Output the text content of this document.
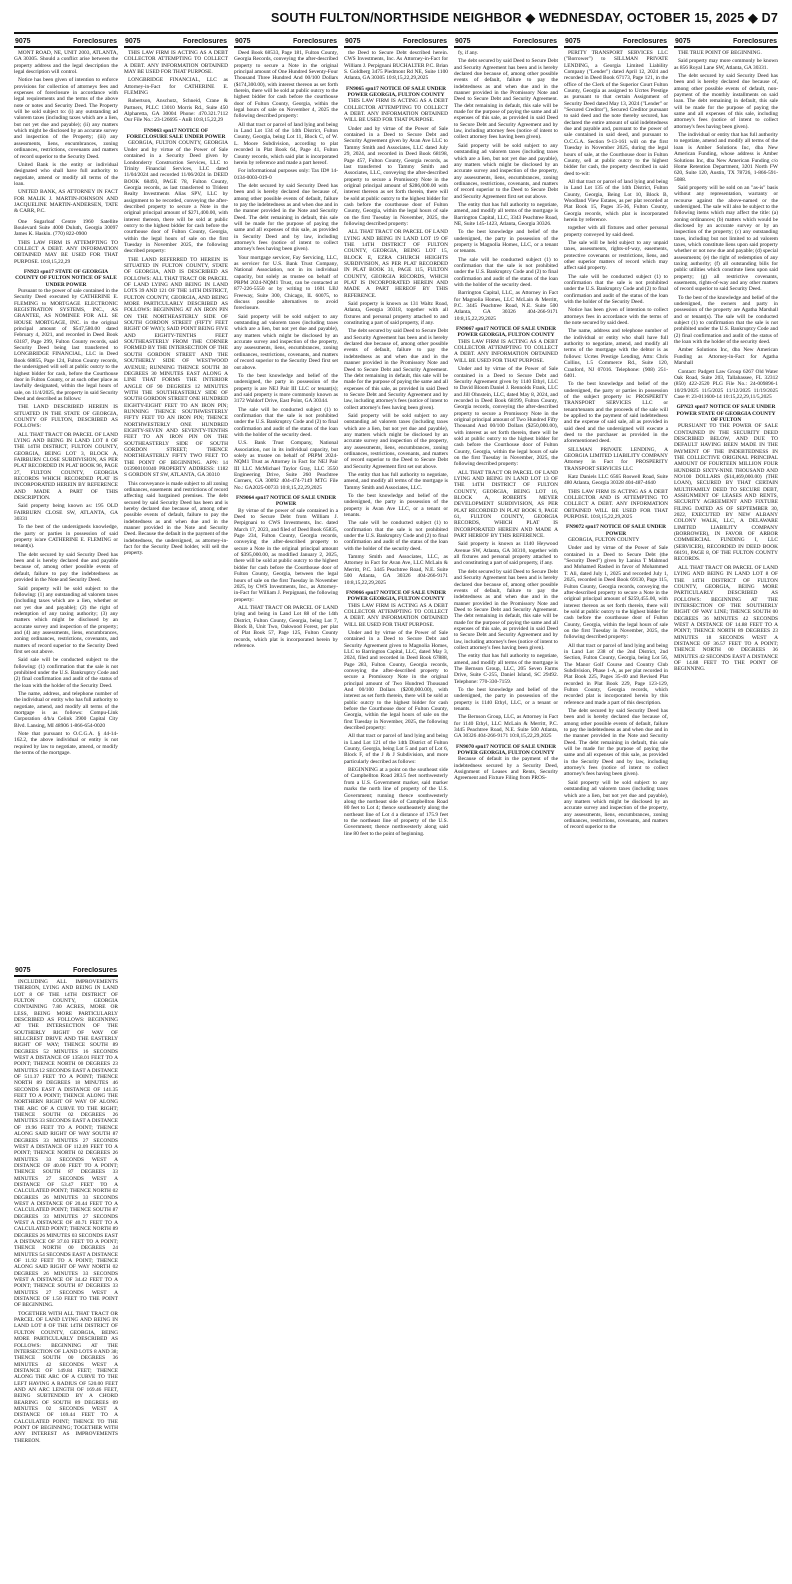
SOUTH FULTON/NORTHSIDE NEIGHBOR ◆ WEDNESDAY, OCTOBER 15, 2025 ◆ D7
9075	Foreclosures

MONT ROAD, NE, UNIT 2003, ATLANTA, GA 30305. Should a conflict arise between the property address and the legal description the legal description will control.

Notice has been given of intention to enforce provisions for collection of attorneys fees and expenses of foreclosure in accordance with legal requirements and the terms of the above note or notes and Security Deed. The Property will be sold subject to: (i) any outstanding ad valorem taxes (including taxes which are a lien, but not yet due and payable); (ii) any matters which might be disclosed by an accurate survey and inspection of the Property; (iii) any assessments, liens, encumbrances, zoning ordinances, restrictions, covenants and matters of record superior to the Security Deed.

United Bank is the entity or individual designated who shall have full authority to negotiate, amend or modify all terms of the loan.

UNITED BANK, AS ATTORNEY IN FACT FOR MALIK J. MARTIN-JOHNSON AND JACQUELINE MARTIN-ANDERSEN, TATE & CARR, P.C.

One Sugarloaf Centre 1960 Satellite Boulevard Suite 4000 Duluth, Georgia 30097 James K. Haskin. (770) 822-0900

THIS LAW FIRM IS ATTEMPTING TO COLLECT A DEBT. ANY INFORMATION OBTAINED MAY BE USED FOR THAT PURPOSE. 10:8,15,22,29

FN923 spn17 STATE OF GEORGIA COUNTY OF FULTON NOTICE OF SALE UNDER POWER

Pursuant to the power of sale contained in the Security Deed executed by CATHERINE E. FLEMING to MORTGAGE ELECTRONIC REGISTRATION SYSTEMS, INC., AS GRANTEE, AS NOMINEE FOR ALL SE HOUSE MORTGAGE, INC. in the original principal amount of $547,580.00 dated February 4, 2021, and recorded in Deed Book 63187, Page 299, Fulton County records, said Security Deed being last transferred to LONGBRIDGE FINANCIAL, LLC in Deed Book 68855, Page 124, Fulton County records, the undersigned will sell at public outcry to the highest bidder for cash, before the Courthouse door in Fulton County, or at such other place as lawfully designated, within the legal hours of sale, on 11/4/2025, the property in said Security Deed and described as follows:

THE LAND DESCRIBED HEREIN IS SITUATED IN THE STATE OF GEORGIA, COUNTY OF FULTON, DESCRIBED AS FOLLOWS:

ALL THAT TRACT OR PARCEL OF LAND LYING AND BEING IN LAND LOT 8 OF THE 14TH DISTRICT, FULTON COUNTY, GEORGIA, BEING LOT 3, BLOCK A, FAIRBURN CLOSE SUBDIVISION, AS PER PLAT RECORDED IN PLAT BOOK 96, PAGE 27, FULTON COUNTY, GEORGIA RECORDS WHICH RECORDED PLAT IS INCORPORATED HEREIN BY REFERENCE AND MADE A PART OF THIS DESCRIPTION.

Said property being known as: 195 OLD FAIRBURN CLOSE SW, ATLANTA, GA 30331

To the best of the undersigneds knowledge, the party or parties in possession of said property is/are CATHERINE E. FLEMING or tenant(s).

The debt secured by said Security Deed has been and is hereby declared due and payable because of, among other possible events of default, failure to pay the indebtedness as provided in the Note and Security Deed.

Said property will be sold subject to the following: (1) any outstanding ad valorem taxes (including taxes which are a lien, whether or not yet due and payable); (2) the right of redemption of any taxing authority; (3) any matters which might be disclosed by an accurate survey and inspection of the property; and (4) any assessments, liens, encumbrances, zoning ordinances, restrictions, covenants, and matters of record superior to the Security Deed first set out above.

Said sale will be conducted subject to the following: (1) confirmation that the sale is not prohibited under the U.S. Bankruptcy Code and (2) final confirmation and audit of the status of the loan with the holder of the Security Deed.

The name, address, and telephone number of the individual or entity who has full authority to negotiate, amend, and modify all terms of the mortgage is as follows: Compu-Link Corporation d/b/a Celink 3900 Capital City Blvd. Lansing, MI 48906 1-866-654-0020

Note that pursuant to O.C.G.A. § 44-14-162.2, the above individual or entity is not required by law to negotiate, amend, or modify the terms of the mortgage.

9075	Foreclosures

THIS LAW FIRM IS ACTING AS A DEBT COLLECTOR ATTEMPTING TO COLLECT A DEBT. ANY INFORMATION OBTAINED MAY BE USED FOR THAT PURPOSE.

LONGBRIDGE FINANCIAL, LLC as Attorney-in-Fact for CATHERINE E. FLEMING

Robertson, Anschutz, Schneid, Crane & Partners, PLLC 13010 Morris Rd., Suite 450 Alpharetta, GA 30004 Phone: 470.321.7112 Our File No.: 23-126695 - AnB 10:8,15,22,29

FN9063 spn17 NOTICE OF FORECLOSURE SALE UNDER POWER

GEORGIA, FULTON COUNTY, GEORGIA Under and by virtue of the Power of Sale contained in a Security Deed given by Londonderry Construction Services, LLC to Trinity Financial Services, LLC dated 11/04/2024 and recorded 11/06/2024 in DEED BOOK 68493, PAGE 78, Fulton County, Georgia records, as last transferred to Trident Realty Investments Alias SPV, LLC by assignment to be recorded, conveying the after-described property to secure a Note in the original principal amount of $271,400.00, with interest thereon, there will be sold at public outcry to the highest bidder for cash before the courthouse door of Fulton County, Georgia, within the legal hours of sale on the first Tuesday in November 2025, the following described property:

THE LAND REFERRED TO HEREIN IS SITUATED IN FULTON COUNTY, STATE OF GEORGIA, AND IS DESCRIBED AS FOLLOWS: ALL THAT TRACT OR PARCEL OF LAND LYING AND BEING IN LAND LOTS 39 AND 121 OF THE 14TH DISTRICT, FULTON COUNTY, GEORGIA, AND BEING MORE PARTICULARLY DESCRIBED AS FOLLOWS: BEGINNING AT AN IRON PIN ON THE NORTHEASTERLY SIDE OF SOUTH GORDON STREET (FIFTY FEET RIGHT OF WAY); SAID POINT BEING FIVE AND EIGHTY-TENTHS FEET SOUTHEASTERLY FROM THE CORNER FORMED BY THE INTERSECTION OF THE SOUTH GORDON STREET AND THE SOUTHERLY SIDE OF WESTWOOD AVENUE; RUNNING THENCE SOUTH 38 DEGREES 30 MINUTES EAST ALONG A LINE THAT FORMS THE INTERIOR ANGLE OF 90 DEGREES 12 MINUTES WITH THE SOUTHEASTERLY SIDE OF SOUTH GORDON STREET ONE HUNDRED EIGHTY-EIGHT FEET TO AN IRON PIN; RUNNING THENCE SOUTHWESTERLY FIFTY FEET TO AN IRON PIN; THENCE NORTHWESTERLY ONE HUNDRED EIGHTY-SEVEN AND SEVENTY-TENTHS FEET TO AN IRON PIN ON THE SOUTHEASTERLY SIDE OF SOUTH GORDON STREET; THENCE NORTHEASTERLY FIFTY TWO FEET TO THE POINT OF BEGINNING. APN: 14 013900101040 PROPERTY ADDRESS: 1182 S GORDON ST SW, ATLANTA, GA 30310

This conveyance is made subject to all zoning ordinances, easements and restrictions of record affecting said bargained premises. The debt secured by said Security Deed has been and is hereby declared due because of, among other possible events of default, failure to pay the indebtedness as and when due and in the manner provided in the Note and Security Deed. Because the default in the payment of the indebtedness, the undersigned, as attorney-in-fact for the Security Deed holder, will sell the property.

9075	Foreclosures

Deed Book 68533, Page 181, Fulton County, Georgia Records, conveying the after-described property to secure a Note in the original principal amount of One Hundred Seventy-Four Thousand Three Hundred And 00/100 Dollars ($174,300.00), with interest thereon as set forth therein, there will be sold at public outcry to the highest bidder for cash before the courthouse door of Fulton County, Georgia, within the legal hours of sale on November 4, 2025 the following described property:

All that tract or parcel of land lying and being in Land Lot 134 of the 14th District, Fulton County, Georgia, being Lot 11, Block C, of W. L. Moore Subdivision, according to plat recorded in Plat Book 64, Page 41, Fulton County records, which said plat is incorporated herein by reference and made a part hereof.

For informational purposes only: Tax ID# 14-0134-0003-019-0

The debt secured by said Security Deed has been and is hereby declared due because of, among other possible events of default, failure to pay the indebtedness as and when due and in the manner provided in the Note and Security Deed. The debt remaining in default, this sale will be made for the purpose of paying the same and all expenses of this sale, as provided in Security Deed and by law, including attorney's fees (notice of intent to collect attorney's fees having been given).

Your mortgage servicer, Fay Servicing, LLC, as servicer for U.S. Bank Trust Company, National Association, not in its individual capacity, but solely as trustee on behalf of PRPM 2024-NQM1 Trust, can be contacted at 877-226-5550 or by writing to 1601 LBJ Freeway, Suite 300, Chicago, IL 60075, to discuss possible alternatives to avoid foreclosure.

Said property will be sold subject to any outstanding ad valorem taxes (including taxes which are a lien, but not yet due and payable), any matters which might be disclosed by an accurate survey and inspection of the property, any assessments, liens, encumbrances, zoning ordinances, restrictions, covenants, and matters of record superior to the Security Deed first set out above.

To the best knowledge and belief of the undersigned, the party in possession of the property is are NEJ Pair III LLC or tenant(s); and said property is more commonly known as 3172 Waldorf Drive, East Point, GA 30344.

The sale will be conducted subject (1) to confirmation that the sale is not prohibited under the U.S. Bankruptcy Code and (2) to final confirmation and audit of the status of the loan with the holder of the security deed.

U.S. Bank Trust Company, National Association, not in its individual capacity, but solely as trustee on behalf of PRPM 2024-NQM1 Trust as Attorney in Fact for NEJ Pair III LLC McMichael Taylor Gray, LLC 3550 Engineering Drive, Suite 260 Peachtree Corners, GA 30092 404-474-7149 MTG File No.: GA2025-00733 10:8,15,22,29,2025

FN9064 spn17 NOTICE OF SALE UNDER POWER

By virtue of the power of sale contained in a Deed to Secure Debt from William J. Perpignani to CWS Investments, Inc. dated March 17, 2023, and filed of Deed Book 65835, Page 234, Fulton County, Georgia records, conveying the after-described property to secure a Note in the original principal amount of $395,000.00, as modified January 2, 2025, there will be sold at public outcry to the highest bidder for cash before the Courthouse door of Fulton County, Georgia, between the legal hours of sale on the first Tuesday in November 2025, by CWS Investments, Inc., as Attorney-in-Fact for William J. Perpignani, the following property:

ALL THAT TRACT OR PARCEL OF LAND lying and being in Land Lot 88 of the 14th District, Fulton County, Georgia, being Lot 7, Block B, Unit Two, Oakwood Forest, per plat of Plat Book 57, Page 125, Fulton County records, which plat is incorporated herein by reference.

9075	Foreclosures

the Deed to Secure Debt described herein. CWS Investments, Inc. As Attorney-in-Fact for William J. Perpignani BUCHALTER P.C. Brian S. Goldberg 3475 Piedmont Rd NE, Suite 1100 Atlanta, GA 30305 10:8,15,22,29,2025

FN9065 spn17 NOTICE OF SALE UNDER POWER GEORGIA, FULTON COUNTY

THIS LAW FIRM IS ACTING AS A DEBT COLLECTOR ATTEMPTING TO COLLECT A DEBT. ANY INFORMATION OBTAINED WILL BE USED FOR THAT PURPOSE.

Under and by virtue of the Power of Sale contained in a Deed to Secure Debt and Security Agreement given by Avan Ave LLC to Tammy Smith and Associates, LLC dated July 29, 2024, and recorded in Deed Book 68198, Page 457, Fulton County, Georgia records, as last transferred to Tammy Smith and Associates, LLC, conveying the after-described property to secure a Promissory Note in the original principal amount of $286,000.00 with interest thereon as set forth therein, there will be sold at public outcry to the highest bidder for cash before the courthouse door of Fulton County, Georgia, within the legal hours of sale on the first Tuesday in November, 2025, the following described property:

ALL THAT TRACT OR PARCEL OF LAND LYING AND BEING IN LAND LOT 19 OF THE 14TH DISTRICT OF FULTON COUNTY, GEORGIA, BEING LOT 15, BLOCK E, EZRA CHURCH HEIGHTS SUBDIVISION, AS PER PLAT RECORDED IN PLAT BOOK 31, PAGE 115, FULTON COUNTY, GEORGIA RECORDS, WHICH PLAT IS INCORPORATED HEREIN AND MADE A PART HEREOF BY THIS REFERENCE.

Said property is known as 131 Waltz Road, Atlanta, Georgia 30318, together with all fixtures and personal property attached to and constituting a part of said property, if any.

The debt secured by said Deed to Secure Debt and Security Agreement has been and is hereby declared due because of, among other possible events of default, failure to pay the indebtedness as and when due and in the manner provided in the Promissory Note and Deed to Secure Debt and Security Agreement. The debt remaining in default, this sale will be made for the purpose of paying the same and all expenses of this sale, as provided in said Deed to Secure Debt and Security Agreement and by law, including attorney's fees (notice of intent to collect attorney's fees having been given).

Said property will be sold subject to any outstanding ad valorem taxes (including taxes which are a lien, but not yet due and payable), any matters which might be disclosed by an accurate survey and inspection of the property, any assessments, liens, encumbrances, zoning ordinances, restrictions, covenants, and matters of record superior to the Deed to Secure Debt and Security Agreement first set out above.

The entity that has full authority to negotiate, amend, and modify all terms of the mortgage is Tammy Smith and Associates, LLC.

To the best knowledge and belief of the undersigned, the party in possession of the property is Avan Ave LLC, or a tenant or tenants.

The sale will be conducted subject (1) to confirmation that the sale is not prohibited under the U.S. Bankruptcy Code and (2) to final confirmation and audit of the status of the loan with the holder of the security deed.

Tammy Smith and Associates, LLC, as Attorney in Fact for Avan Ave, LLC McLain & Merritt, P.C. 3445 Peachtree Road, N.E. Suite 500 Atlanta, GA 30326 404-266-9171 10:8,15,22,29,2025

FN9066 spn17 NOTICE OF SALE UNDER POWER GEORGIA, FULTON COUNTY

THIS LAW FIRM IS ACTING AS A DEBT COLLECTOR ATTEMPTING TO COLLECT A DEBT. ANY INFORMATION OBTAINED WILL BE USED FOR THAT PURPOSE.

Under and by virtue of the Power of Sale contained in a Deed to Secure Debt and Security Agreement given to Magnolia Homes, LLC to Barrington Capital, LLC, dated May 3, 2024, filed and recorded in Deed Book 67888, Page 283, Fulton County, Georgia records, conveying the after-described property to secure a Promissory Note in the original principal amount of Two Hundred Thousand And 00/100 Dollars ($200,000.00), with interest as set forth therein, there will be sold at public outcry to the highest bidder for cash before the Courthouse door of Fulton County, Georgia, within the legal hours of sale on the first Tuesday in November, 2025, the following described property:

All that tract or parcel of land lying and being in Land Lot 121 of the 14th District of Fulton County, Georgia, being Lot 5 and part of Lot 6, Block F, of the J & J Subdivision, and more particularly described as follows:

BEGINNING at a point on the southeast side of Campbellton Road 283.5 feet northwesterly from a U.S. Government marker, said marker marks the north line of property of the U.S. Government; running thence southwesterly along the northeast side of Campbellton Road 80 feet to Lot 4; thence southeasterly along the northeast line of Lot 4 a distance of 175.9 feet to the northeast line of property of the U.S. Government; thence northwesterly along said line 80 feet to the point of beginning.

9075	Foreclosures

fy, if any.

The debt secured by said Deed to Secure Debt and Security Agreement has been and is hereby declared due because of, among other possible events of default, failure to pay the indebtedness as and when due and in the manner provided in the Promissory Note and Deed to Secure Debt and Security Agreement. The debt remaining in default, this sale will be made for the purpose of paying the same and all expenses of this sale, as provided in said Deed to Secure Debt and Security Agreement and by law, including attorney fees (notice of intent to collect attorney fees having been given).

Said property will be sold subject to any outstanding ad valorem taxes (including taxes which are a lien, but not yet due and payable), any matters which might be disclosed by an accurate survey and inspection of the property, any assessments, liens, encumbrances, zoning ordinances, restrictions, covenants, and matters of record superior to the Deed to Secure Debt and Security Agreement first set out above.

The entity that has full authority to negotiate, amend, and modify all terms of the mortgage is Barrington Capital, LLC, 3343 Peachtree Road, NE, Suite 145-1423, Atlanta, Georgia 30326.

To the best knowledge and belief of the undersigned, the party in possession of the property is Magnolia Homes, LLC, or a tenant or tenants.

The sale will be conducted subject (1) to confirmation that the sale is not prohibited under the U.S. Bankruptcy Code and (2) to final confirmation and audit of the status of the loan with the holder of the security deed.

Barrington Capital, LLC, as Attorney in Fact for Magnolia Homes, LLC McLain & Merritt, P.C. 3445 Peachtree Road, N.E. Suite 500 Atlanta, GA 30326 404-266-9171 10:8,15,22,29,2025

FN9067 spn17 NOTICE OF SALE UNDER POWER GEORGIA, FULTON COUNTY

THIS LAW FIRM IS ACTING AS A DEBT COLLECTOR ATTEMPTING TO COLLECT A DEBT. ANY INFORMATION OBTAINED WILL BE USED FOR THAT PURPOSE.

Under and by virtue of the Power of Sale contained in a Deed to Secure Debt and Security Agreement given by 1140 Ethyl, LLC to David Bloom Daniel J. Rennolds Frank, LLC and Jill Ohnstein, LLC, dated May 8, 2024, and recorded in Deed Book 68199, Fulton County, Georgia records, conveying the after-described property to secure a Promissory Note in the original principal amount of Two Hundred Fifty Thousand And 00/100 Dollars ($250,000.00), with interest as set forth therein, there will be sold at public outcry to the highest bidder for cash before the Courthouse door of Fulton County, Georgia, within the legal hours of sale on the first Tuesday in November, 2025, the following described property:

ALL THAT TRACT OR PARCEL OF LAND LYING AND BEING IN LAND LOT 13 OF THE 14TH DISTRICT OF FULTON COUNTY, GEORGIA, BEING LOT 16, BLOCK A, ROBERTS MEYER DEVELOPMENT SUBDIVISION, AS PER PLAT RECORDED IN PLAT BOOK 9, PAGE 61, FULTON COUNTY, GEORGIA RECORDS, WHICH PLAT IS INCORPORATED HEREIN AND MADE A PART HEREOF BY THIS REFERENCE.

Said property is known as 1140 Heywood Avenue SW, Atlanta, GA 30310, together with all fixtures and personal property attached to and constituting a part of said property, if any.

The debt secured by said Deed to Secure Debt and Security Agreement has been and is hereby declared due because of, among other possible events of default, failure to pay the indebtedness as and when due and in the manner provided in the Promissory Note and Deed to Secure Debt and Security Agreement. The debt remaining in default, this sale will be made for the purpose of paying the same and all expenses of this sale, as provided in said Deed to Secure Debt and Security Agreement and by law, including attorney's fees (notice of intent to collect attorney's fees having been given).

The entity that has full authority to negotiate, amend, and modify all terms of the mortgage is The Bernson Group, LLC, 205 Seven Farms Drive, Suite C-255, Daniel Island, SC 29492. Telephone: 770-330-7159.

To the best knowledge and belief of the undersigned, the party in possession of the property is 1140 Ethyl, LLC, or a tenant or tenants.

The Bernson Group, LLC, as Attorney in Fact for 1140 Ethyl, LLC McLain & Merritt, P.C. 3445 Peachtree Road, N.E. Suite 500 Atlanta, GA 30326 404-266-9171 10:8,15,22,29,2025

FN9070 spn17 NOTICE OF SALE UNDER POWER GEORGIA, FULTON COUNTY

Because of default in the payment of the indebtedness secured by a Security Deed, Assignment of Leases and Rents, Security Agreement and Fixture Filing from PROS-

9075	Foreclosures

PERITY TRANSPORT SERVICES LLC ("Borrower") to SILLMAN PRIVATE LENDING, a Georgia Limited Liability Company ("Lender") dated April 12, 2024 and recorded in Deed Book 67173, Page 121, in the office of the Clerk of the Superior Court Fulton County, Georgia as assigned to Ucrtes Prestige as pursuant to that certain Assignment of Security Deed dated May 13, 2024 ("Lender" or "Secured Creditor"), Secured Creditor pursuant to said deed and the note thereby secured, has declared the entire amount of said indebtedness due and payable and, pursuant to the power of sale contained in said deed, and pursuant to O.C.G.A. Section 9-13-161 will on the first Tuesday in November 2025, during the legal hours of sale, at the Courthouse door in Fulton County, sell at public outcry to the highest bidder for cash, the property described in said deed to-wit:

All that tract or parcel of land lying and being in Land Lot 135 of the 14th District, Fulton County, Georgia, Being Lot 10, Block B, Woodland View Estates, as per plat recorded at Plat Book 15, Pages 35-36, Fulton County, Georgia records, which plat is incorporated herein by reference.

together with all fixtures and other personal property conveyed by said deed.

The sale will be held subject to any unpaid taxes, assessments, rights-of-way, easements, protective covenants or restrictions, liens, and other superior matters of record which may affect said property.

The sale will be conducted subject (1) to confirmation that the sale is not prohibited under the U.S. Bankruptcy Code and (2) to final confirmation and audit of the status of the loan with the holder of the Security Deed.

Notice has been given of intention to collect attorneys fees in accordance with the terms of the note secured by said deed.

The name, address and telephone number of the individual or entity who shall have full authority to negotiate, amend, and modify all terms of the mortgage with the debtor is as follows: Ucrtes Prestige Lending, Attn: Chris Collins, 1.5 Commerce Rd., Suite 120, Cranford, NJ 07016. Telephone: (908) 251-6401.

To the best knowledge and belief of the undersigned, the party or parties in possession of the subject property is: PROSPERITY TRANSPORT SERVICES LLC or tenant/tenants and the proceeds of the sale will be applied to the payment of said indebtedness and the expense of said sale, all as provided in said deed and the undersigned will execute a deed to the purchaser as provided in the aforementioned deed.

SILLMAN PRIVATE LENDING, A GEORGIA LIMITED LIABILITY COMPANY Attorney in Fact for PROSPERITY TRANSPORT SERVICES LLC

Katz Daniels LLC 6565 Roswell Road, Suite 480 Atlanta, Georgia 30328 404-487-4640

THIS LAW FIRM IS ACTING AS A DEBT COLLECTOR AND IS ATTEMPTING TO COLLECT A DEBT. ANY INFORMATION OBTAINED WILL BE USED FOR THAT PURPOSE. 10:8,15,22,29,2025

FN9072 spn17 NOTICE OF SALE UNDER POWER

GEORGIA, FULTON COUNTY

Under and by virtue of the Power of Sale contained in a Deed to Secure Debt (the "Security Deed") given by Lanisa T Mahmud and Mohamed Rashed in favor of Mohammed T. Ali, dated July 1, 2025 and recorded July 1, 2025, recorded in Deed Book 69130, Page 115, Fulton County, Georgia records, conveying the after-described property to secure a Note in the original principal amount of $259,455.00, with interest thereon as set forth therein, there will be sold at public outcry to the highest bidder for cash before the courthouse door of Fulton County, Georgia, within the legal hours of sale on the first Tuesday in November, 2025, the following described property:

All that tract or parcel of land lying and being in Land Lot 238 of the 2nd District, 2nd Section, Fulton County, Georgia, being Lot 56, The Manor Golf Course and Country Club Subdivision, Phase 1-A, as per plat recorded in Plat Book 225, Pages 35-40 and Revised Plat recorded in Plat Book 229, Page 123-129, Fulton County, Georgia records, which recorded plat is incorporated herein by this reference and made a part of this description.

The debt secured by said Security Deed has been and is hereby declared due because of, among other possible events of default, failure to pay the indebtedness as and when due and in the manner provided in the Note and Security Deed. The debt remaining in default, this sale will be made for the purpose of paying the same and all expenses of this sale, as provided in the Security Deed and by law, including attorney's fees (notice of intent to collect attorney's fees having been given).

Said property will be sold subject to any outstanding ad valorem taxes (including taxes which are a lien, but not yet due and payable), any matters which might be disclosed by an accurate survey and inspection of the property, any assessments, liens, encumbrances, zoning ordinances, restrictions, covenants, and matters of record superior to the

9075	Foreclosures

THE TRUE POINT OF BEGINNING.

Said property may more commonly be known as 856 Royal Lane SW, Atlanta, GA 30331.

The debt secured by said Security Deed has been and is hereby declared due because of, among other possible events of default, non-payment of the monthly installments on said loan. The debt remaining in default, this sale will be made for the purpose of paying the same and all expenses of this sale, including attorney's fees (notice of intent to collect attorney's fees having been given).

The individual or entity that has full authority to negotiate, amend and modify all terms of the loan is Amber Solutions Inc, dba New American Funding, whose address is Amber Solutions Inc, dba New American Funding c/o Home Retention Department, 3201 North FW 620, Suite 120, Austin, TX 78726, 1-866-591-5088.

Said property will be sold on an "as-is" basis without any representation, warranty or recourse against the above-named or the undersigned. The sale will also be subject to the following items which may affect the title: (a) zoning ordinances; (b) matters which would be disclosed by an accurate survey or by an inspection of the property; (c) any outstanding taxes, including but not limited to ad valorem taxes, which constitute liens upon said property whether or not now due and payable; (d) special assessments; (e) the right of redemption of any taxing authority; (f) all outstanding bills for public utilities which constitute liens upon said property; (g) all restrictive covenants, easements, rights-of-way and any other matters of record superior to said Security Deed.

To the best of the knowledge and belief of the undersigned, the owners and party in possession of the property are Agatha Marshall and or tenant(s). The sale will be conducted subject (1) to confirmation that the sale is not prohibited under the U.S. Bankruptcy Code and (2) final confirmation and audit of the status of the loan with the holder of the security deed.

Amber Solutions Inc, dba New American Funding as Attorney-in-Fact for Agatha Marshall

Contact: Padgett Law Group 6267 Old Water Oak Road, Suite 203, Tallahassee, FL 32312 (850) 422-2520 PLG File No.: 24-009896-1 10/29/2025 11/5/2025 11/12/2025 11/19/2025 Case #: 23-011600-14 10:15,22,29,11/5,2025

GPN23 spn17 NOTICE OF SALE UNDER POWER STATE OF GEORGIA COUNTY OF FULTON

PURSUANT TO THE POWER OF SALE CONTAINED IN THE SECURITY DEED DESCRIBED BELOW, AND DUE TO DEFAULT HAVING BEEN MADE IN THE PAYMENT OF THE INDEBTEDNESS IN THE COLLECTIVE ORIGINAL PRINCIPAL AMOUNT OF FOURTEEN MILLION FOUR HUNDRED SIXTY-NINE THOUSAND AND NO/100 DOLLARS ($14,469,000.00) (THE LOAN), SECURED BY THAT CERTAIN MULTIFAMILY DEED TO SECURE DEBT, ASSIGNMENT OF LEASES AND RENTS, SECURITY AGREEMENT AND FIXTURE FILING DATED AS OF SEPTEMBER 30, 2022, EXECUTED BY NEW ALBANY COLONY WALK, LLC, A DELAWARE LIMITED LIABILITY COMPANY (BORROWER), IN FAVOR OF ARBOR COMMERCIAL FUNDING I, LLC (SERVICER), RECORDED IN DEED BOOK 66191, PAGE 8, OF THE FULTON COUNTY RECORDS.

ALL THAT TRACT OR PARCEL OF LAND LYING AND BEING IN LAND LOT 8 OF THE 14TH DISTRICT OF FULTON COUNTY, GEORGIA, BEING MORE PARTICULARLY DESCRIBED AS FOLLOWS: BEGINNING AT THE INTERSECTION OF THE SOUTHERLY RIGHT OF WAY LINE; THENCE SOUTH 00 DEGREES 36 MINUTES 42 SECONDS WEST A DISTANCE OF 14.88 FEET TO A POINT; THENCE NORTH 89 DEGREES 23 MINUTES 18 SECONDS WEST A DISTANCE OF 36.57 FEET TO A POINT; THENCE NORTH 00 DEGREES 36 MINUTES 42 SECONDS EAST A DISTANCE OF 14.88 FEET TO THE POINT OF BEGINNING.

9075	Foreclosures

INCLUDING ALL IMPROVEMENTS THEREON, LYING AND BEING IN LAND LOT 8 OF THE 14TH DISTRICT OF FULTON COUNTY, GEORGIA CONTAINING 7.80 ACRES, MORE OR LESS, BEING MORE PARTICULARLY DESCRIBED AS FOLLOWS: BEGINNING AT THE INTERSECTION OF THE SOUTHERLY RIGHT OF WAY OF HILLCREST DRIVE AND THE EASTERLY RIGHT OF WAY; THENCE SOUTH 89 DEGREES 52 MINUTES 16 SECONDS WEST A DISTANCE OF 1358.01 FEET TO A POINT; THENCE NORTH 00 DEGREES 23 MINUTES 12 SECONDS EAST A DISTANCE OF 511.37 FEET TO A POINT; THENCE NORTH 89 DEGREES 18 MINUTES 46 SECONDS EAST A DISTANCE OF 141.35 FEET TO A POINT; THENCE ALONG THE NORTHERN RIGHT OF WAY OF ALONG THE ARC OF A CURVE TO THE RIGHT; THENCE SOUTH 02 DEGREES 26 MINUTES 33 SECONDS EAST A DISTANCE OF 19.96 FEET TO A POINT; THENCE ALONG SAID RIGHT OF WAY SOUTH 87 DEGREES 33 MINUTES 27 SECONDS WEST A DISTANCE OF 112.09 FEET TO A POINT; THENCE NORTH 02 DEGREES 26 MINUTES 33 SECONDS WEST A DISTANCE OF 40.00 FEET TO A POINT; THENCE SOUTH 87 DEGREES 33 MINUTES 27 SECONDS WEST A DISTANCE OF 53.47 FEET TO A CALCULATED POINT; THENCE NORTH 02 DEGREES 26 MINUTES 33 SECONDS WEST A DISTANCE OF 20.44 FEET TO A CALCULATED POINT; THENCE SOUTH 87 DEGREES 33 MINUTES 27 SECONDS WEST A DISTANCE OF 40.71 FEET TO A CALCULATED POINT; THENCE NORTH 89 DEGREES 26 MINUTES 03 SECONDS EAST A DISTANCE OF 37.03 FEET TO A POINT; THENCE NORTH 00 DEGREES 24 MINUTES 54 SECONDS EAST A DISTANCE OF 11.92 FEET TO A POINT; THENCE ALONG SAID RIGHT OF WAY NORTH 02 DEGREES 26 MINUTES 33 SECONDS WEST A DISTANCE OF 34.42 FEET TO A POINT; THENCE SOUTH 87 DEGREES 33 MINUTES 27 SECONDS WEST A DISTANCE OF 1.50 FEET TO THE POINT OF BEGINNING.

TOGETHER WITH ALL THAT TRACT OR PARCEL OF LAND LYING AND BEING IN LAND LOT 8 OF THE 14TH DISTRICT OF FULTON COUNTY, GEORGIA, BEING MORE PARTICULARLY DESCRIBED AS FOLLOWS: BEGINNING AT THE INTERSECTION OF LAND LOTS 8 AND 38; THENCE SOUTH 00 DEGREES 36 MINUTES 42 SECONDS WEST A DISTANCE OF 149.84 FEET; THENCE ALONG THE ARC OF A CURVE TO THE LEFT HAVING A RADIUS OF 520.00 FEET AND AN ARC LENGTH OF 169.46 FEET, BEING SUBTENDED BY A CHORD BEARING OF SOUTH 89 DEGREES 09 MINUTES 02 SECONDS WEST A DISTANCE OF 169.44 FEET TO A CALCULATED POINT; THENCE TO THE POINT OF BEGINNING; TOGETHER WITH ANY INTEREST AS IMPROVEMENTS THEREON.
